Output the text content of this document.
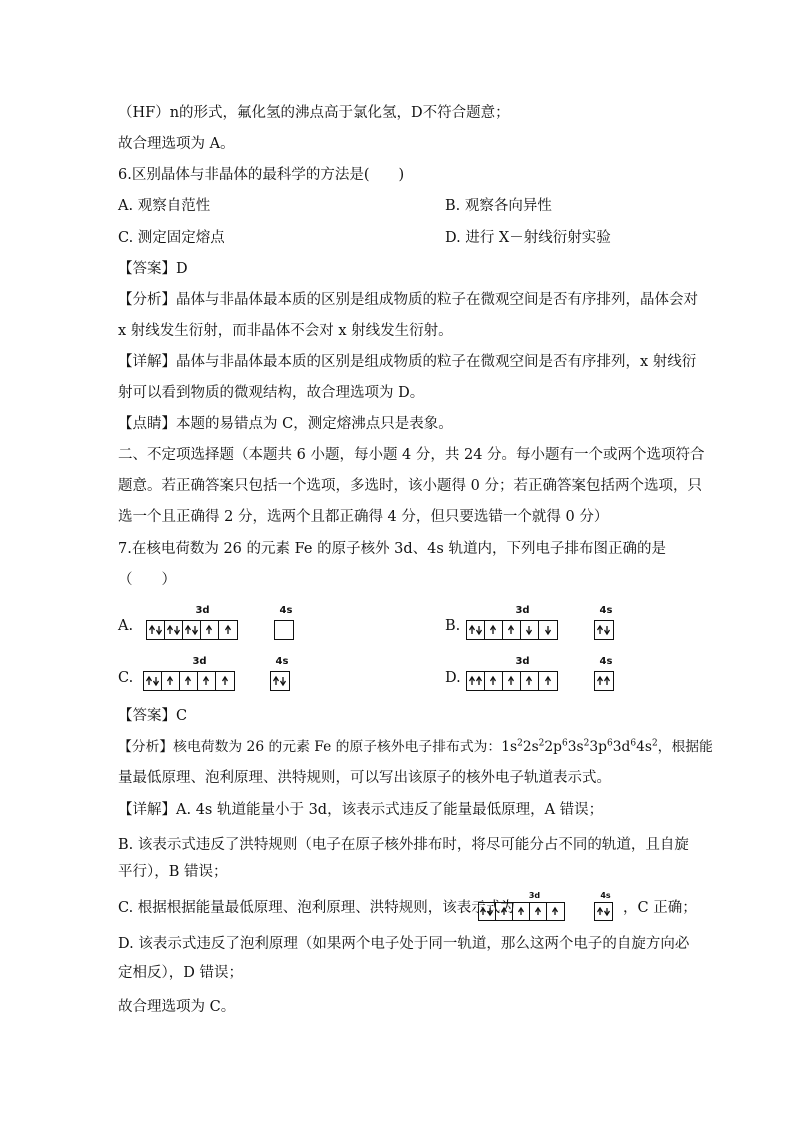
（HF）n的形式，氟化氢的沸点高于氯化氢，D不符合题意；
故合理选项为 A。
6.区别晶体与非晶体的最科学的方法是(　　)
A. 观察自范性	B. 观察各向异性
C. 测定固定熔点	D. 进行 X－射线衍射实验
【答案】D
【分析】晶体与非晶体最本质的区别是组成物质的粒子在微观空间是否有序排列，晶体会对
x 射线发生衍射，而非晶体不会对 x 射线发生衍射。
【详解】晶体与非晶体最本质的区别是组成物质的粒子在微观空间是否有序排列，x 射线衍
射可以看到物质的微观结构，故合理选项为 D。
【点睛】本题的易错点为 C，测定熔沸点只是表象。
二、不定项选择题（本题共 6 小题，每小题 4 分，共 24 分。每小题有一个或两个选项符合
题意。若正确答案只包括一个选项，多选时，该小题得 0 分；若正确答案包括两个选项，只
选一个且正确得 2 分，选两个且都正确得 4 分，但只要选错一个就得 0 分）
7.在核电荷数为 26 的元素 Fe 的原子核外 3d、4s 轨道内，下列电子排布图正确的是
（　　）
A.
3d	4s
B.
3d	4s
C.
3d	4s
D.
3d	4s
【答案】C
【分析】核电荷数为 26 的元素 Fe 的原子核外电子排布式为：$1s^22s^22p^63s^23p^63d^64s^2$，根据能
量最低原理、泡利原理、洪特规则，可以写出该原子的核外电子轨道表示式。
【详解】A. 4s 轨道能量小于 3d，该表示式违反了能量最低原理，A 错误；
B. 该表示式违反了洪特规则（电子在原子核外排布时，将尽可能分占不同的轨道，且自旋
平行），B 错误；
C. 根据根据能量最低原理、泡利原理、洪特规则，该表示式为
3d	4s
，C 正确；
D. 该表示式违反了泡利原理（如果两个电子处于同一轨道，那么这两个电子的自旋方向必
定相反），D 错误；
故合理选项为 C。
